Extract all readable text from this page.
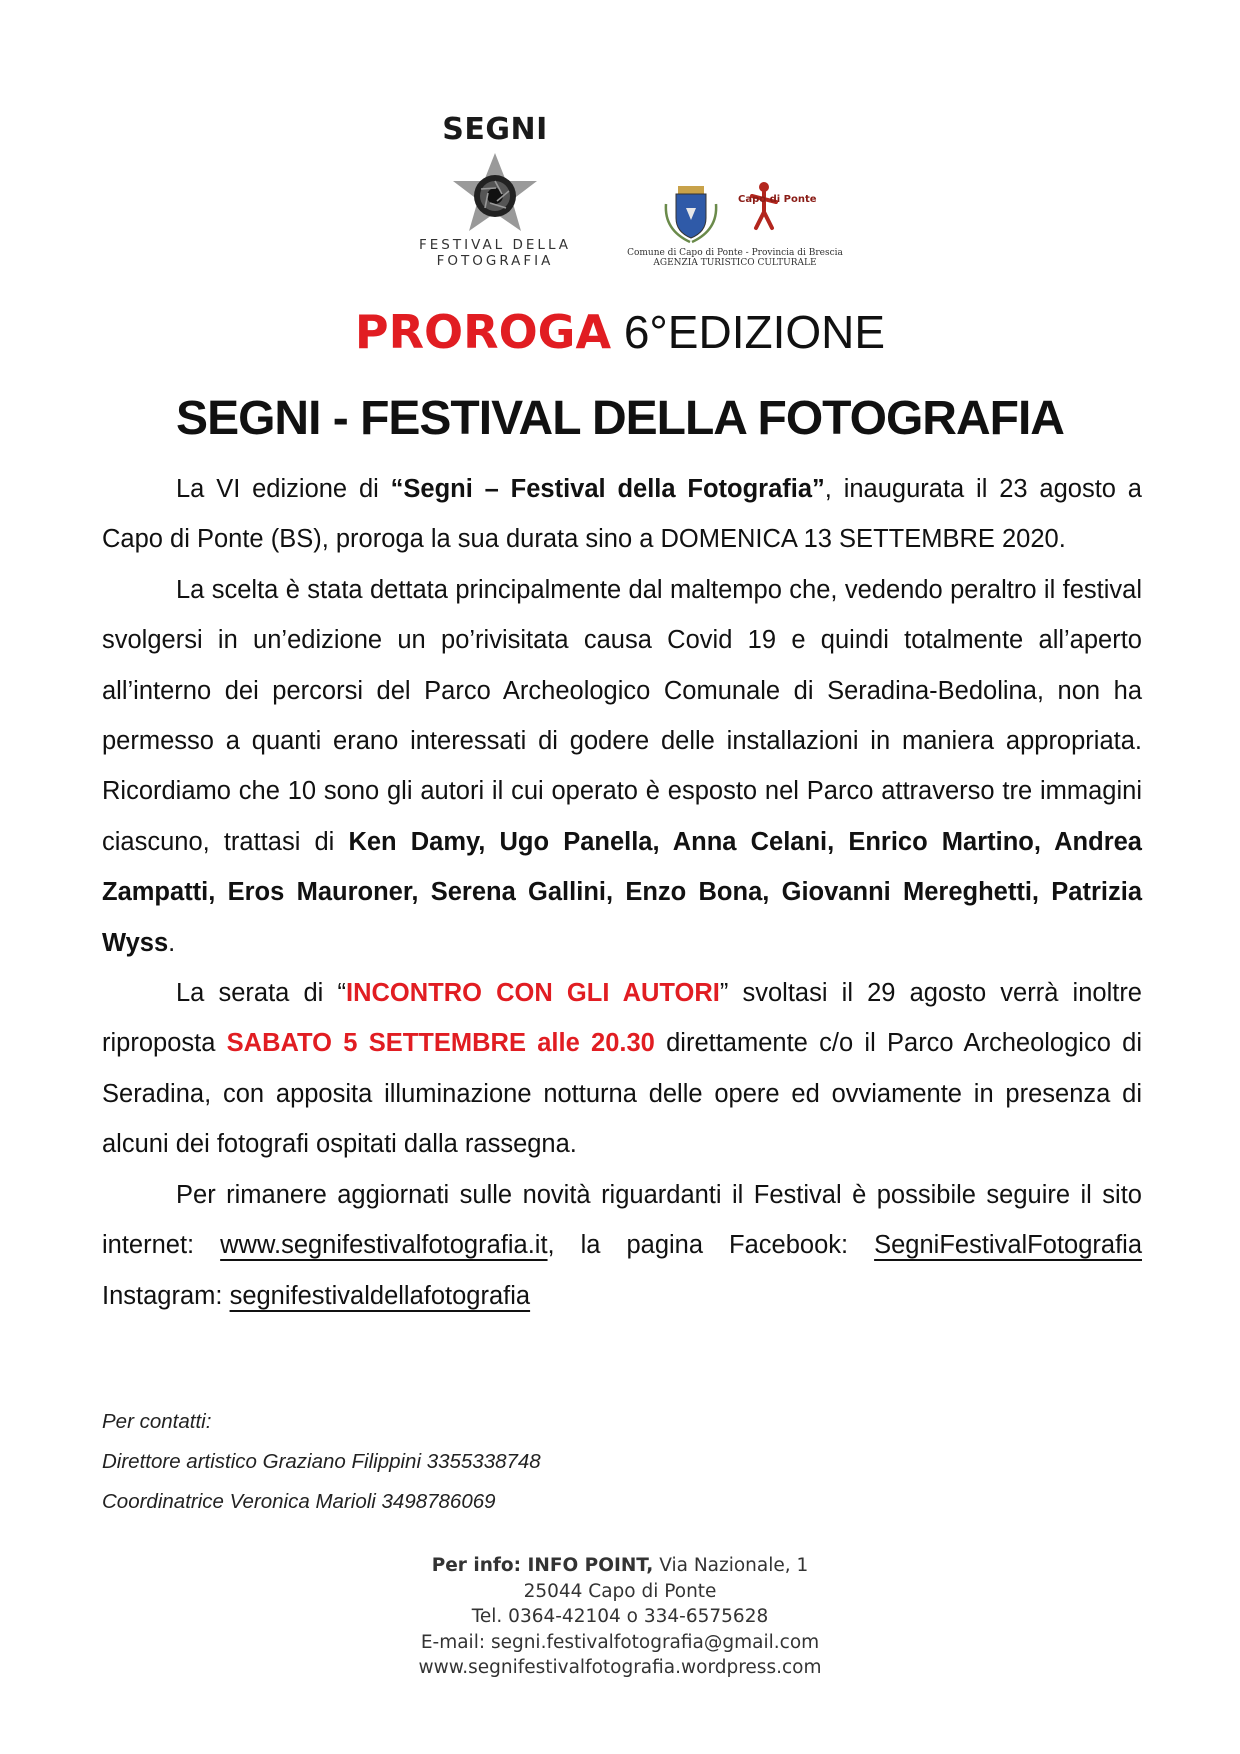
SEGNI
FESTIVAL DELLA
FOTOGRAFIA
Capo di Ponte
Comune di Capo di Ponte - Provincia di Brescia
AGENZIA TURISTICO CULTURALE
PROROGA 6°EDIZIONE
SEGNI - FESTIVAL DELLA FOTOGRAFIA

La VI edizione di “Segni – Festival della Fotografia”, inaugurata il 23 agosto a Capo di Ponte (BS), proroga la sua durata sino a DOMENICA 13 SETTEMBRE 2020.

La scelta è stata dettata principalmente dal maltempo che, vedendo peraltro il festival svolgersi in un’edizione un po’rivisitata causa Covid 19 e quindi totalmente all’aperto all’interno dei percorsi del Parco Archeologico Comunale di Seradina-Bedolina, non ha permesso a quanti erano interessati di godere delle installazioni in maniera appropriata. Ricordiamo che 10 sono gli autori il cui operato è esposto nel Parco attraverso tre immagini ciascuno, trattasi di Ken Damy, Ugo Panella, Anna Celani, Enrico Martino, Andrea Zampatti, Eros Mauroner, Serena Gallini, Enzo Bona, Giovanni Mereghetti, Patrizia Wyss.

La serata di “INCONTRO CON GLI AUTORI” svoltasi il 29 agosto verrà inoltre riproposta SABATO 5 SETTEMBRE alle 20.30 direttamente c/o il Parco Archeologico di Seradina, con apposita illuminazione notturna delle opere ed ovviamente in presenza di alcuni dei fotografi ospitati dalla rassegna.

Per rimanere aggiornati sulle novità riguardanti il Festival è possibile seguire il sito internet: www.segnifestivalfotografia.it, la pagina Facebook: SegniFestivalFotografia Instagram: segnifestivaldellafotografia

Per contatti:
Direttore artistico Graziano Filippini 3355338748
Coordinatrice Veronica Marioli 3498786069
Per info: INFO POINT, Via Nazionale, 1
25044 Capo di Ponte
Tel. 0364-42104 o 334-6575628
E-mail: segni.festivalfotografia@gmail.com
www.segnifestivalfotografia.wordpress.com
